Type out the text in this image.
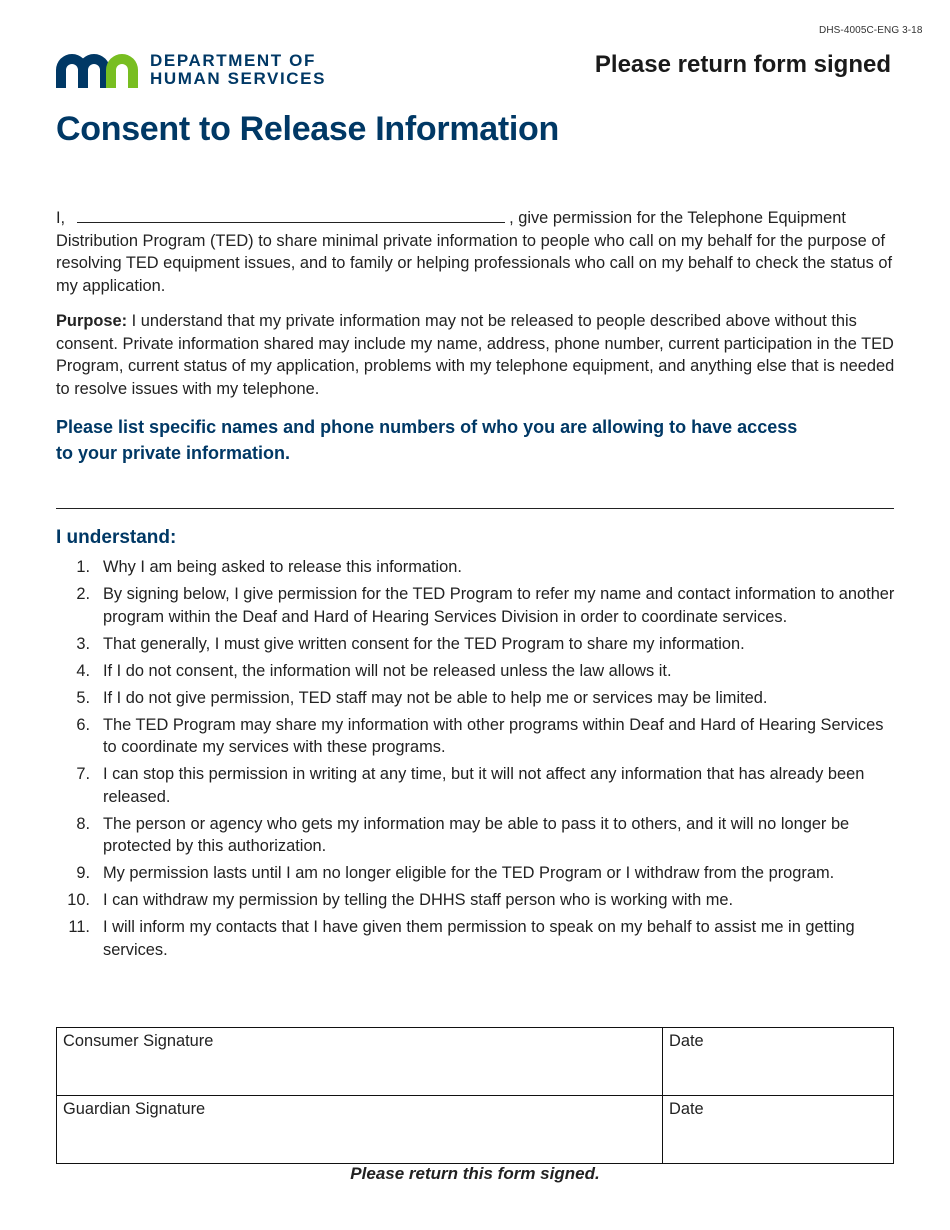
DHS-4005C-ENG 3-18
DEPARTMENT OF
HUMAN SERVICES
Please return form signed
Consent to Release Information
I,	, give permission for the Telephone Equipment Distribution Program (TED) to share minimal private information to people who call on my behalf for the purpose of resolving TED equipment issues, and to family or helping professionals who call on my behalf to check the status of my application.
Purpose: I understand that my private information may not be released to people described above without this consent. Private information shared may include my name, address, phone number, current participation in the TED Program, current status of my application, problems with my telephone equipment, and anything else that is needed to resolve issues with my telephone.
Please list specific names and phone numbers of who you are allowing to have access
to your private information.
I understand:
1. Why I am being asked to release this information.
2. By signing below, I give permission for the TED Program to refer my name and contact information to another program within the Deaf and Hard of Hearing Services Division in order to coordinate services.
3. That generally, I must give written consent for the TED Program to share my information.
4. If I do not consent, the information will not be released unless the law allows it.
5. If I do not give permission, TED staff may not be able to help me or services may be limited.
6. The TED Program may share my information with other programs within Deaf and Hard of Hearing Services to coordinate my services with these programs.
7. I can stop this permission in writing at any time, but it will not affect any information that has already been released.
8. The person or agency who gets my information may be able to pass it to others, and it will no longer be protected by this authorization.
9. My permission lasts until I am no longer eligible for the TED Program or I withdraw from the program.
10. I can withdraw my permission by telling the DHHS staff person who is working with me.
11. I will inform my contacts that I have given them permission to speak on my behalf to assist me in getting services.
Consumer Signature	Date
Guardian Signature	Date
Please return this form signed.
